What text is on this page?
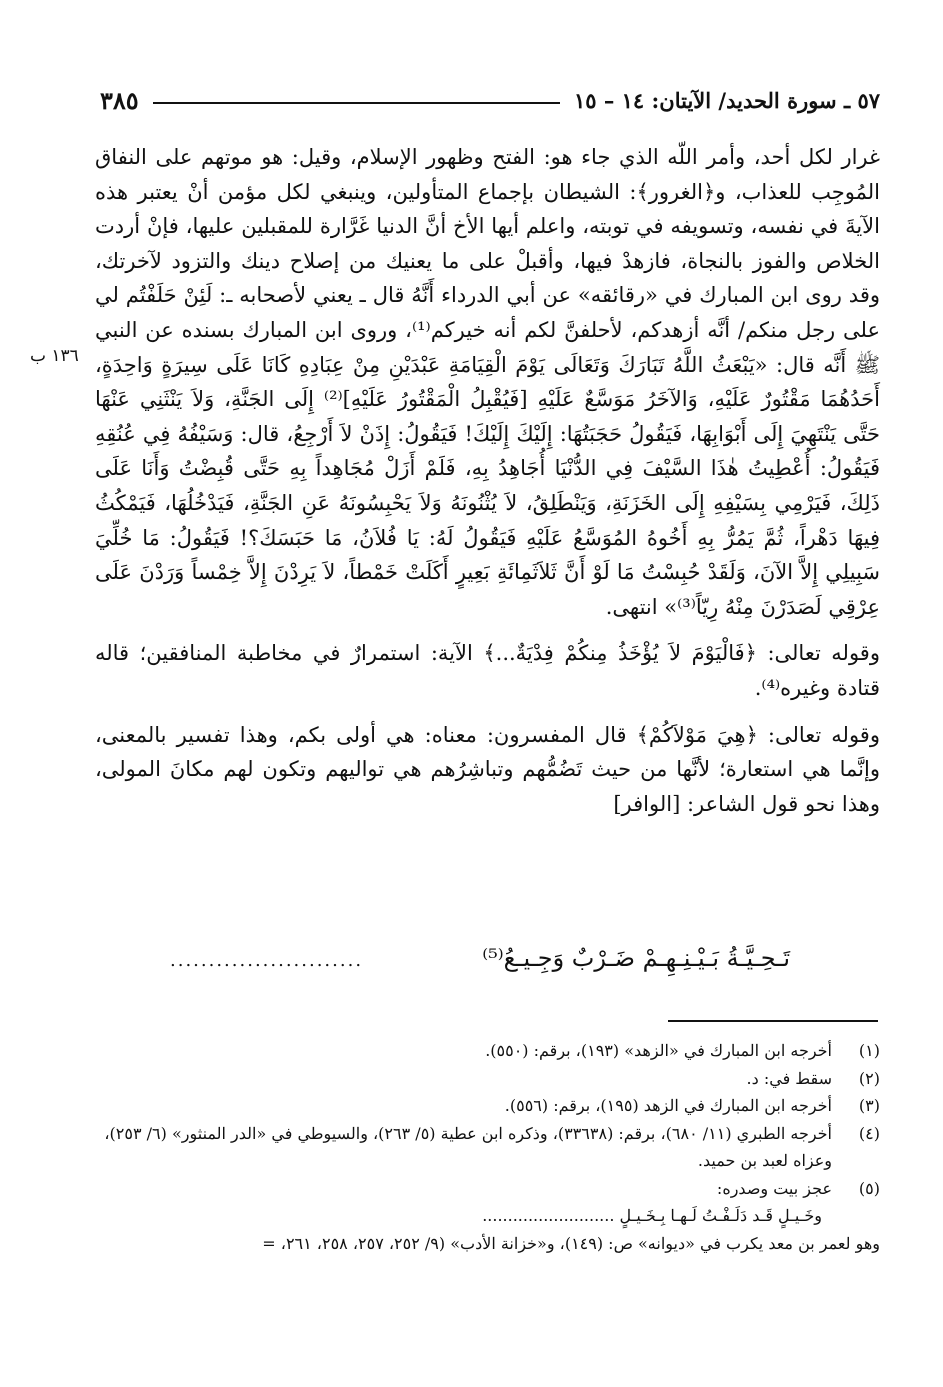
٥٧ ـ سورة الحديد/ الآيتان: ١٤ – ١٥
٣٨٥
١٣٦ ب

غرار لكل أحد، وأمر اللّه الذي جاء هو: الفتح وظهور الإسلام، وقيل: هو موتهم على النفاق المُوجِب للعذاب، و﴿الغرور﴾: الشيطان بإجماع المتأولين، وينبغي لكل مؤمن أنْ يعتبر هذه الآيةَ في نفسه، وتسويفه في توبته، واعلم أيها الأخ أنَّ الدنيا غَرَّارة للمقبلين عليها، فإنْ أردت الخلاص والفوز بالنجاة، فازهدْ فيها، وأقبلْ على ما يعنيك من إصلاح دينك والتزود لآخرتك، وقد روى ابن المبارك في «رقائقه» عن أبي الدرداء أَنَّهُ قال ـ يعني لأصحابه ـ: لَئِنْ حَلَفْتُم لي على رجل منكم/ أنَّه أزهدكم، لأحلفنَّ لكم أنه خيركم⁽¹⁾، وروى ابن المبارك بسنده عن النبي ﷺ أَنَّه قال: «يَبْعَثُ اللَّهُ تَبَارَكَ وَتَعَالَى يَوْمَ الْقِيَامَةِ عَبْدَيْنِ مِنْ عِبَادِهِ كَانَا عَلَى سِيرَةٍ وَاحِدَةٍ، أَحَدُهُمَا مَقْتُورٌ عَلَيْهِ، وَالآخَرُ مَوَسَّعٌ عَلَيْهِ [فَيُقْبِلُ الْمَقْتُورُ عَلَيْهِ]⁽²⁾ إِلَى الجَنَّةِ، وَلاَ يَنْثَنِي عَنْهَا حَتَّى يَنْتَهِيَ إِلَى أَبْوَابِهَا، فَيَقُولُ حَجَبَتُهَا: إِلَيْكَ إِلَيْكَ! فَيَقُولُ: إِذَنْ لاَ أَرْجِعُ، قال: وَسَيْفُهُ فِي عُنُقِهِ فَيَقُولُ: أُعْطِيتُ هٰذَا السَّيْفَ فِي الدُّنْيَا أُجَاهِدُ بِهِ، فَلَمْ أَزَلْ مُجَاهِداً بِهِ حَتَّى قُبِضْتُ وَأَنَا عَلَى ذَلِكَ، فَيَرْمِي بِسَيْفِهِ إِلَى الخَزَنَةِ، وَيَنْطَلِقُ، لاَ يُثْنُونَهُ وَلاَ يَحْبِسُونَهُ عَنِ الجَنَّةِ، فَيَدْخُلُهَا، فَيَمْكُثُ فِيهَا دَهْراً، ثُمَّ يَمُرُّ بِهِ أَخُوهُ المُوَسَّعُ عَلَيْهِ فَيَقُولُ لَهُ: يَا فُلاَنُ، مَا حَبَسَكَ؟! فَيَقُولُ: مَا خُلِّيَ سَبِيلِي إِلاَّ الآنَ، وَلَقَدْ حُبِسْتُ مَا لَوْ أَنَّ ثَلاَثَمِائَةِ بَعِيرٍ أَكَلَتْ خَمْطاً، لاَ يَرِدْنَ إِلاَّ خِمْساً وَرَدْنَ عَلَى عِرْقِي لَصَدَرْنَ مِنْهُ رِيّاً⁽³⁾» انتهى.

وقوله تعالى: ﴿فَالْيَوْمَ لاَ يُؤْخَذُ مِنكُمْ فِدْيَةٌ...﴾ الآية: استمرارٌ في مخاطبة المنافقين؛ قاله قتادة وغيره⁽⁴⁾.

وقوله تعالى: ﴿هِيَ مَوْلاَكُمْ﴾ قال المفسرون: معناه: هي أولى بكم، وهذا تفسير بالمعنى، وإنَّما هي استعارة؛ لأنَّها من حيث تَضُمُّهم وتباشِرُهم هي تواليهم وتكون لهم مكانَ المولى، وهذا نحو قول الشاعر: [الوافر]

تَـحِـيَّـةُ بَـيْـنِـهِـمْ ضَـرْبٌ وَجِـيـعُ⁽⁵⁾
.........................
(١)
أخرجه ابن المبارك في «الزهد» (١٩٣)، برقم: (٥٥٠).
(٢)
سقط في: د.
(٣)
أخرجه ابن المبارك في الزهد (١٩٥)، برقم: (٥٥٦).
(٤)
أخرجه الطبري (١١/ ٦٨٠)، برقم: (٣٣٦٣٨)، وذكره ابن عطية (٥/ ٢٦٣)، والسيوطي في «الدر المنثور» (٦/ ٢٥٣)، وعزاه لعبد بن حميد.
(٥)
عجز بيت وصدره:
وخَـيـلٍ قَـد دَلَـفْـتُ لَـهـا بِـخَـيـلٍ ..........................
وهو لعمر بن معد يكرب في «ديوانه» ص: (١٤٩)، و«خزانة الأدب» (٩/ ٢٥٢، ٢٥٧، ٢٥٨، ٢٦١، =
